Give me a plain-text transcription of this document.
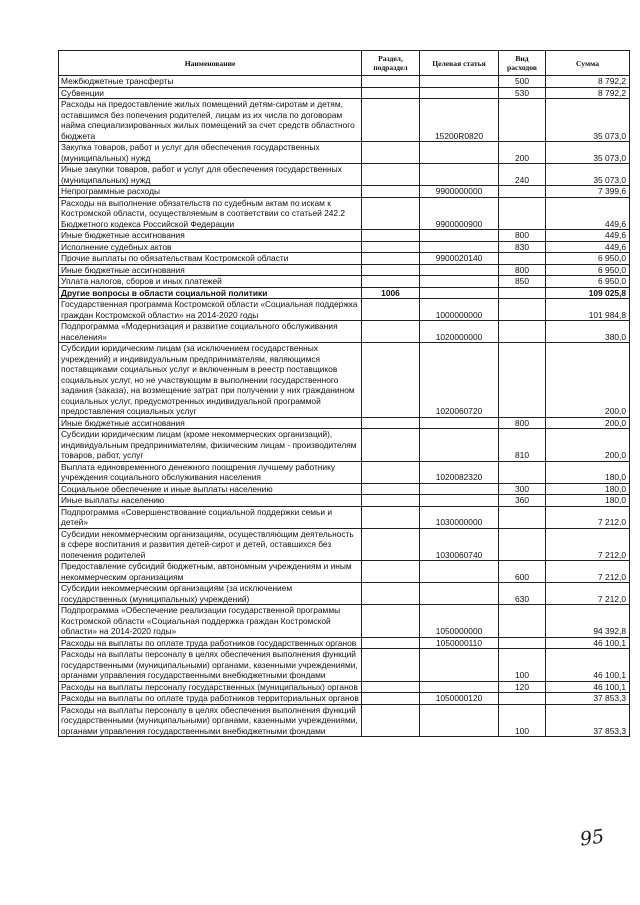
Наименование	Раздел, подраздел	Целевая статья	Вид расходов	Сумма
Межбюджетные трансферты			500	8 792,2
Субвенции			530	8 792,2
Расходы на предоставление жилых помещений детям-сиротам и детям, оставшимся без попечения родителей, лицам из их числа по договорам найма специализированных жилых помещений за счет средств областного бюджета		15200R0820		35 073,0
Закупка товаров, работ и услуг для обеспечения государственных (муниципальных) нужд			200	35 073,0
Иные закупки товаров, работ и услуг для обеспечения государственных (муниципальных) нужд			240	35 073,0
Непрограммные расходы		9900000000		7 399,6
Расходы на выполнение обязательств по судебным актам по искам к Костромской области, осуществляемым в соответствии со статьей 242.2 Бюджетного кодекса Российской Федерации		9900000900		449,6
Иные бюджетные ассигнования			800	449,6
Исполнение судебных актов			830	449,6
Прочие выплаты по обязательствам Костромской области		9900020140		6 950,0
Иные бюджетные ассигнования			800	6 950,0
Уплата налогов, сборов и иных платежей			850	6 950,0
Другие вопросы в области социальной политики	1006			109 025,8
Государственная программа Костромской области «Социальная поддержка граждан Костромской области» на 2014-2020 годы		1000000000		101 984,8
Подпрограмма «Модернизация и развитие социального обслуживания населения»		1020000000		380,0
Субсидии юридическим лицам (за исключением государственных учреждений) и индивидуальным предпринимателям, являющимся поставщиками социальных услуг и включенным в реестр поставщиков социальных услуг, но не участвующим в выполнении государственного задания (заказа), на возмещение затрат при получении у них гражданином социальных услуг, предусмотренных индивидуальной программой предоставления социальных услуг		1020060720		200,0
Иные бюджетные ассигнования			800	200,0
Субсидии юридическим лицам (кроме некоммерческих организаций), индивидуальным предпринимателям, физическим лицам - производителям товаров, работ, услуг			810	200,0
Выплата единовременного денежного поощрения лучшему работнику учреждения социального обслуживания населения		1020082320		180,0
Социальное обеспечение и иные выплаты населению			300	180,0
Иные выплаты населению			360	180,0
Подпрограмма «Совершенствование социальной поддержки семьи и детей»		1030000000		7 212,0
Субсидии некоммерческим организациям, осуществляющим деятельность в сфере воспитания и развития детей-сирот и детей, оставшихся без попечения родителей		1030060740		7 212,0
Предоставление субсидий бюджетным, автономным учреждениям и иным некоммерческим организациям			600	7 212,0
Субсидии некоммерческим организациям (за исключением государственных (муниципальных) учреждений)			630	7 212,0
Подпрограмма «Обеспечение реализации государственной программы Костромской области «Социальная поддержка граждан Костромской области» на 2014-2020 годы»		1050000000		94 392,8
Расходы на выплаты по оплате труда работников государственных органов		1050000110		46 100,1
Расходы на выплаты персоналу в целях обеспечения выполнения функций государственными (муниципальными) органами, казенными учреждениями, органами управления государственными внебюджетными фондами			100	46 100,1
Расходы на выплаты персоналу государственных (муниципальных) органов			120	46 100,1
Расходы на выплаты по оплате труда работников территориальных органов		1050000120		37 853,3
Расходы на выплаты персоналу в целях обеспечения выполнения функций государственными (муниципальными) органами, казенными учреждениями, органами управления государственными внебюджетными фондами			100	37 853,3
95
